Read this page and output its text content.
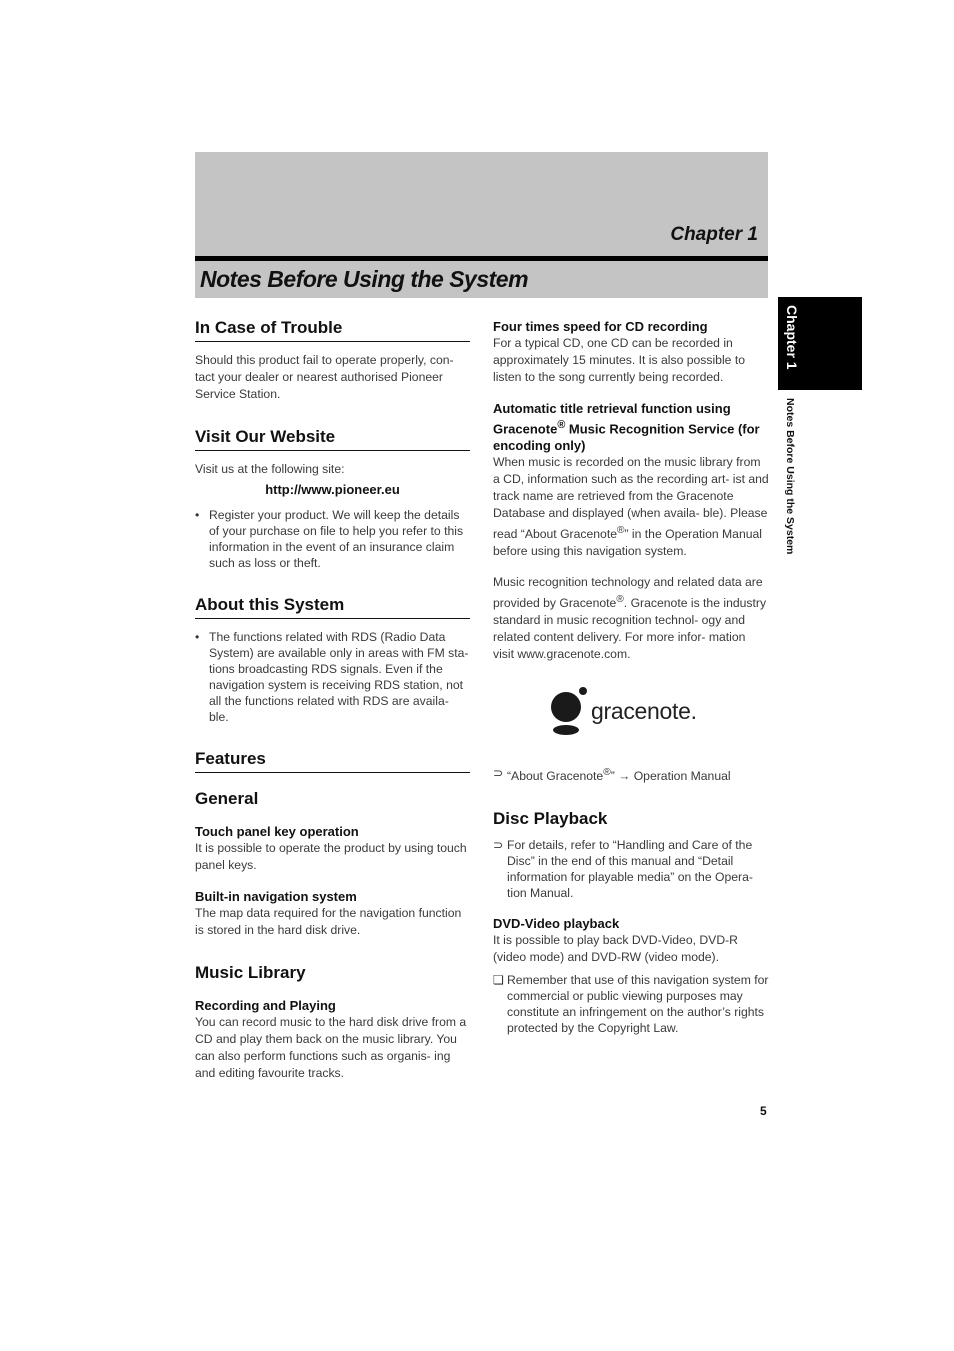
Chapter 1
Notes Before Using the System
Chapter 1
Notes Before Using the System
In Case of Trouble

Should this product fail to operate properly, con- tact your dealer or nearest authorised Pioneer Service Station.

Visit Our Website

Visit us at the following site:

http://www.pioneer.eu
• Register your product. We will keep the details of your purchase on file to help you refer to this information in the event of an insurance claim such as loss or theft.
About this System
• The functions related with RDS (Radio Data System) are available only in areas with FM sta- tions broadcasting RDS signals. Even if the navigation system is receiving RDS station, not all the functions related with RDS are availa- ble.
Features
General
Touch panel key operation

It is possible to operate the product by using touch panel keys.

Built-in navigation system

The map data required for the navigation function is stored in the hard disk drive.

Music Library
Recording and Playing

You can record music to the hard disk drive from a CD and play them back on the music library. You can also perform functions such as organis- ing and editing favourite tracks.

Four times speed for CD recording

For a typical CD, one CD can be recorded in approximately 15 minutes. It is also possible to listen to the song currently being recorded.

Automatic title retrieval function using Gracenote® Music Recognition Service (for encoding only)

When music is recorded on the music library from a CD, information such as the recording art- ist and track name are retrieved from the Gracenote Database and displayed (when availa- ble). Please read “About Gracenote®” in the Operation Manual before using this navigation system.

Music recognition technology and related data are provided by Gracenote®. Gracenote is the industry standard in music recognition technol- ogy and related content delivery. For more infor- mation visit www.gracenote.com.

gracenote.
⊃ “About Gracenote®” → Operation Manual
Disc Playback
⊃ For details, refer to “Handling and Care of the Disc” in the end of this manual and “Detail information for playable media” on the Opera- tion Manual.
DVD-Video playback

It is possible to play back DVD-Video, DVD-R (video mode) and DVD-RW (video mode).

❏ Remember that use of this navigation system for commercial or public viewing purposes may constitute an infringement on the author’s rights protected by the Copyright Law.
5
